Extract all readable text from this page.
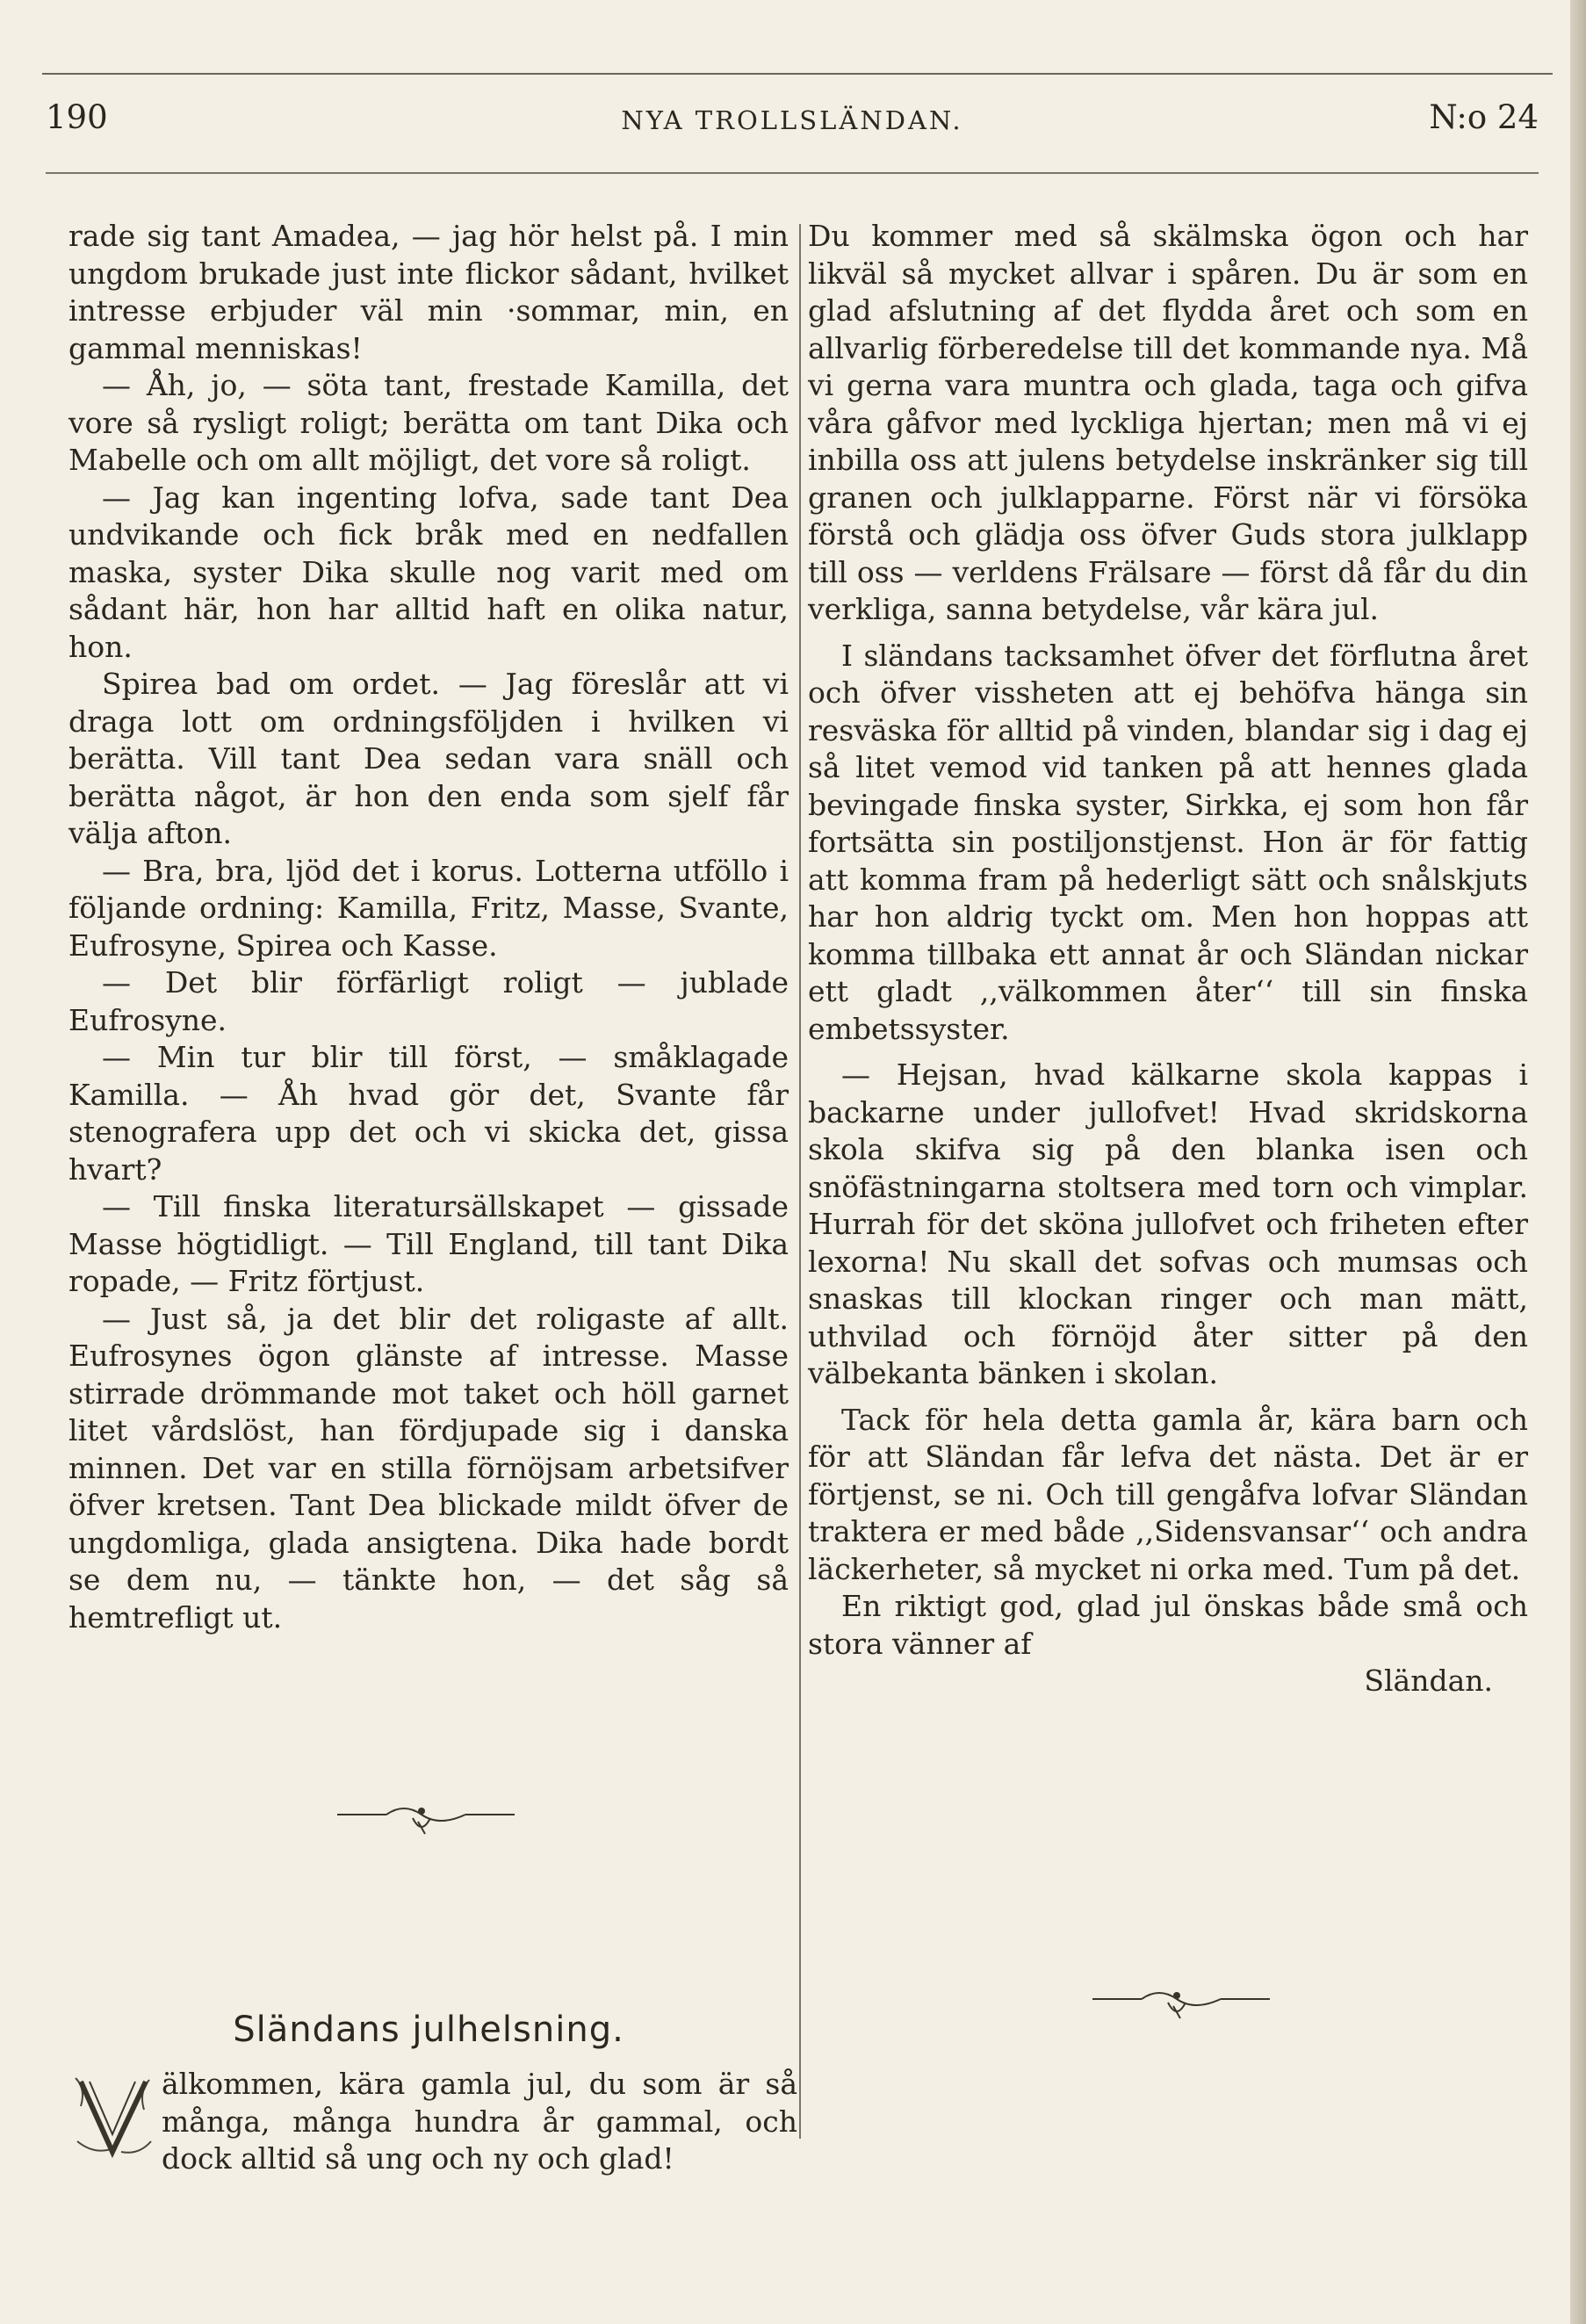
190	NYA TROLLSLÄNDAN.	N:o 24

rade sig tant Amadea, — jag hör helst på. I min ungdom brukade just inte flickor sådant, hvilket intresse erbjuder väl min ·sommar, min, en gammal menniskas!

— Åh, jo, — söta tant, frestade Kamilla, det vore så rysligt roligt; berätta om tant Dika och Mabelle och om allt möjligt, det vore så roligt.

— Jag kan ingenting lofva, sade tant Dea undvikande och fick bråk med en nedfallen maska, syster Dika skulle nog varit med om sådant här, hon har alltid haft en olika natur, hon.

Spirea bad om ordet. — Jag föreslår att vi draga lott om ordningsföljden i hvilken vi berätta. Vill tant Dea sedan vara snäll och berätta något, är hon den enda som sjelf får välja afton.

— Bra, bra, ljöd det i korus. Lotterna utföllo i följande ordning: Kamilla, Fritz, Masse, Svante, Eufrosyne, Spirea och Kasse.

— Det blir förfärligt roligt — jublade Eufrosyne.

— Min tur blir till först, — småklagade Kamilla. — Åh hvad gör det, Svante får stenografera upp det och vi skicka det, gissa hvart?

— Till finska literatursällskapet — gissade Masse högtidligt. — Till England, till tant Dika ropade, — Fritz förtjust.

— Just så, ja det blir det roligaste af allt. Eufrosynes ögon glänste af intresse. Masse stirrade drömmande mot taket och höll garnet litet vårdslöst, han fördjupade sig i danska minnen. Det var en stilla förnöjsam arbetsifver öfver kretsen. Tant Dea blickade mildt öfver de ungdomliga, glada ansigtena. Dika hade bordt se dem nu, — tänkte hon, — det såg så hemtrefligt ut.

Sländans julhelsning.

älkommen, kära gamla jul, du som är så många, många hundra år gammal, och dock alltid så ung och ny och glad!

Du kommer med så skälmska ögon och har likväl så mycket allvar i spåren. Du är som en glad afslutning af det flydda året och som en allvarlig förberedelse till det kommande nya. Må vi gerna vara muntra och glada, taga och gifva våra gåfvor med lyckliga hjertan; men må vi ej inbilla oss att julens betydelse inskränker sig till granen och julklapparne. Först när vi försöka förstå och glädja oss öfver Guds stora julklapp till oss — verldens Frälsare — först då får du din verkliga, sanna betydelse, vår kära jul.

I sländans tacksamhet öfver det förflutna året och öfver vissheten att ej behöfva hänga sin resväska för alltid på vinden, blandar sig i dag ej så litet vemod vid tanken på att hennes glada bevingade finska syster, Sirkka, ej som hon får fortsätta sin postiljonstjenst. Hon är för fattig att komma fram på hederligt sätt och snålskjuts har hon aldrig tyckt om. Men hon hoppas att komma tillbaka ett annat år och Sländan nickar ett gladt ,,välkommen åter‘‘ till sin finska embetssyster.

— Hejsan, hvad kälkarne skola kappas i backarne under jullofvet! Hvad skridskorna skola skifva sig på den blanka isen och snöfästningarna stoltsera med torn och vimplar. Hurrah för det sköna jullofvet och friheten efter lexorna! Nu skall det sofvas och mumsas och snaskas till klockan ringer och man mätt, uthvilad och förnöjd åter sitter på den välbekanta bänken i skolan.

Tack för hela detta gamla år, kära barn och för att Sländan får lefva det nästa. Det är er förtjenst, se ni. Och till gengåfva lofvar Sländan traktera er med både ,,Sidensvansar‘‘ och andra läckerheter, så mycket ni orka med. Tum på det.

En riktigt god, glad jul önskas både små och stora vänner af

Sländan.
